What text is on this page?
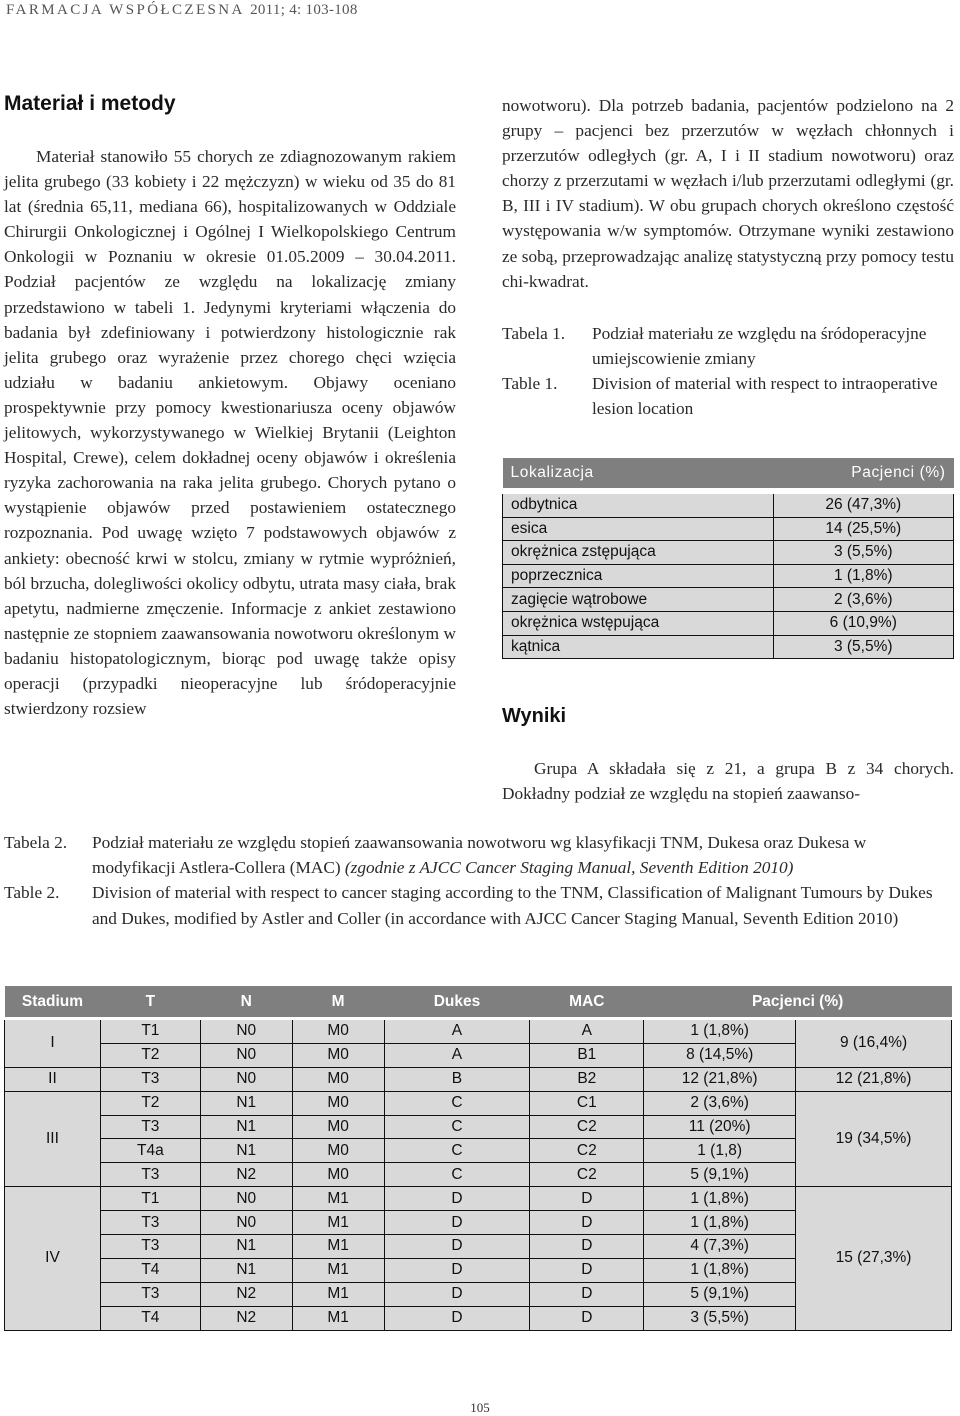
FARMACJA WSPÓŁCZESNA 2011; 4: 103-108
Materiał i metody

Materiał stanowiło 55 chorych ze zdiagnozowanym rakiem jelita grubego (33 kobiety i 22 mężczyzn) w wieku od 35 do 81 lat (średnia 65,11, mediana 66), hospitalizowanych w Oddziale Chirurgii Onkologicznej i Ogólnej I Wielkopolskiego Centrum Onkologii w Poznaniu w okresie 01.05.2009 – 30.04.2011. Podział pacjentów ze względu na lokalizację zmiany przedstawiono w tabeli 1. Jedynymi kryteriami włączenia do badania był zdefiniowany i potwierdzony histologicznie rak jelita grubego oraz wyrażenie przez chorego chęci wzięcia udziału w badaniu ankietowym. Objawy oceniano prospektywnie przy pomocy kwestionariusza oceny objawów jelitowych, wykorzystywanego w Wielkiej Brytanii (Leighton Hospital, Crewe), celem dokładnej oceny objawów i określenia ryzyka zachorowania na raka jelita grubego. Chorych pytano o wystąpienie objawów przed postawieniem ostatecznego rozpoznania. Pod uwagę wzięto 7 podstawowych objawów z ankiety: obecność krwi w stolcu, zmiany w rytmie wypróżnień, ból brzucha, dolegliwości okolicy odbytu, utrata masy ciała, brak apetytu, nadmierne zmęczenie. Informacje z ankiet zestawiono następnie ze stopniem zaawansowania nowotworu określonym w badaniu histopatologicznym, biorąc pod uwagę także opisy operacji (przypadki nieoperacyjne lub śródoperacyjnie stwierdzony rozsiew

nowotworu). Dla potrzeb badania, pacjentów podzielono na 2 grupy – pacjenci bez przerzutów w węzłach chłonnych i przerzutów odległych (gr. A, I i II stadium nowotworu) oraz chorzy z przerzutami w węzłach i/lub przerzutami odległymi (gr. B, III i IV stadium). W obu grupach chorych określono częstość występowania w/w symptomów. Otrzymane wyniki zestawiono ze sobą, przeprowadzając analizę statystyczną przy pomocy testu chi-kwadrat.

Tabela 1.	Podział materiału ze względu na śródoperacyjne umiejscowienie zmiany
Table 1.	Division of material with respect to intraoperative lesion location
Lokalizacja	Pacjenci (%)
odbytnica	26 (47,3%)
esica	14 (25,5%)
okrężnica zstępująca	3 (5,5%)
poprzecznica	1 (1,8%)
zagięcie wątrobowe	2 (3,6%)
okrężnica wstępująca	6 (10,9%)
kątnica	3 (5,5%)
Wyniki

Grupa A składała się z 21, a grupa B z 34 chorych. Dokładny podział ze względu na stopień zaawanso-

Tabela 2.	Podział materiału ze względu stopień zaawansowania nowotworu wg klasyfikacji TNM, Dukesa oraz Dukesa w modyfikacji Astlera-Collera (MAC) (zgodnie z AJCC Cancer Staging Manual, Seventh Edition 2010)
Table 2.	Division of material with respect to cancer staging according to the TNM, Classification of Malignant Tumours by Dukes and Dukes, modified by Astler and Coller (in accordance with AJCC Cancer Staging Manual, Seventh Edition 2010)
Stadium	T	N	M	Dukes	MAC	Pacjenci (%)	
I	T1	N0	M0	A	A	1 (1,8%)	9 (16,4%)
	T2	N0	M0	A	B1	8 (14,5%)	
II	T3	N0	M0	B	B2	12 (21,8%)	12 (21,8%)
III	T2	N1	M0	C	C1	2 (3,6%)	19 (34,5%)
	T3	N1	M0	C	C2	11 (20%)	
	T4a	N1	M0	C	C2	1 (1,8)	
	T3	N2	M0	C	C2	5 (9,1%)	
IV	T1	N0	M1	D	D	1 (1,8%)	15 (27,3%)
	T3	N0	M1	D	D	1 (1,8%)	
	T3	N1	M1	D	D	4 (7,3%)	
	T4	N1	M1	D	D	1 (1,8%)	
	T3	N2	M1	D	D	5 (9,1%)	
	T4	N2	M1	D	D	3 (5,5%)	
105
